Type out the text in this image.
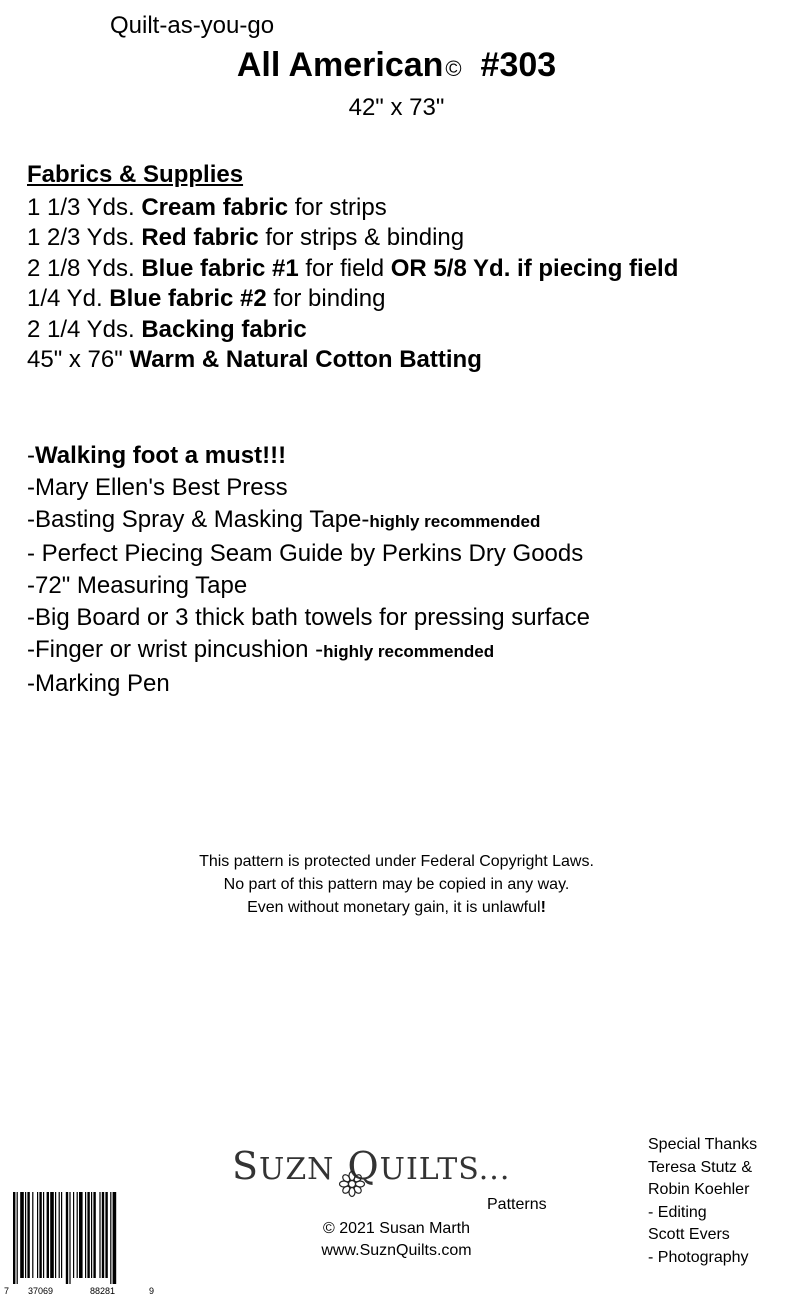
Quilt-as-you-go
All American© #303
42" x 73"
Fabrics & Supplies
1 1/3 Yds. Cream fabric for strips
1 2/3 Yds. Red fabric for strips & binding
2 1/8 Yds. Blue fabric #1 for field OR 5/8 Yd. if piecing field
1/4 Yd. Blue fabric #2 for binding
2 1/4 Yds. Backing fabric
45" x 76" Warm & Natural Cotton Batting
-Walking foot a must!!!
-Mary Ellen's Best Press
-Basting Spray & Masking Tape-highly recommended
- Perfect Piecing Seam Guide by Perkins Dry Goods
-72" Measuring Tape
-Big Board or 3 thick bath towels for pressing surface
-Finger or wrist pincushion -highly recommended
-Marking Pen
This pattern is protected under Federal Copyright Laws.
No part of this pattern may be copied in any way.
Even without monetary gain, it is unlawful!
SUZN QUILTS...
Patterns
© 2021 Susan Marth
www.SuznQuilts.com
Special Thanks
Teresa Stutz &
Robin Koehler
- Editing
Scott Evers
- Photography
7 37069	88281	9
